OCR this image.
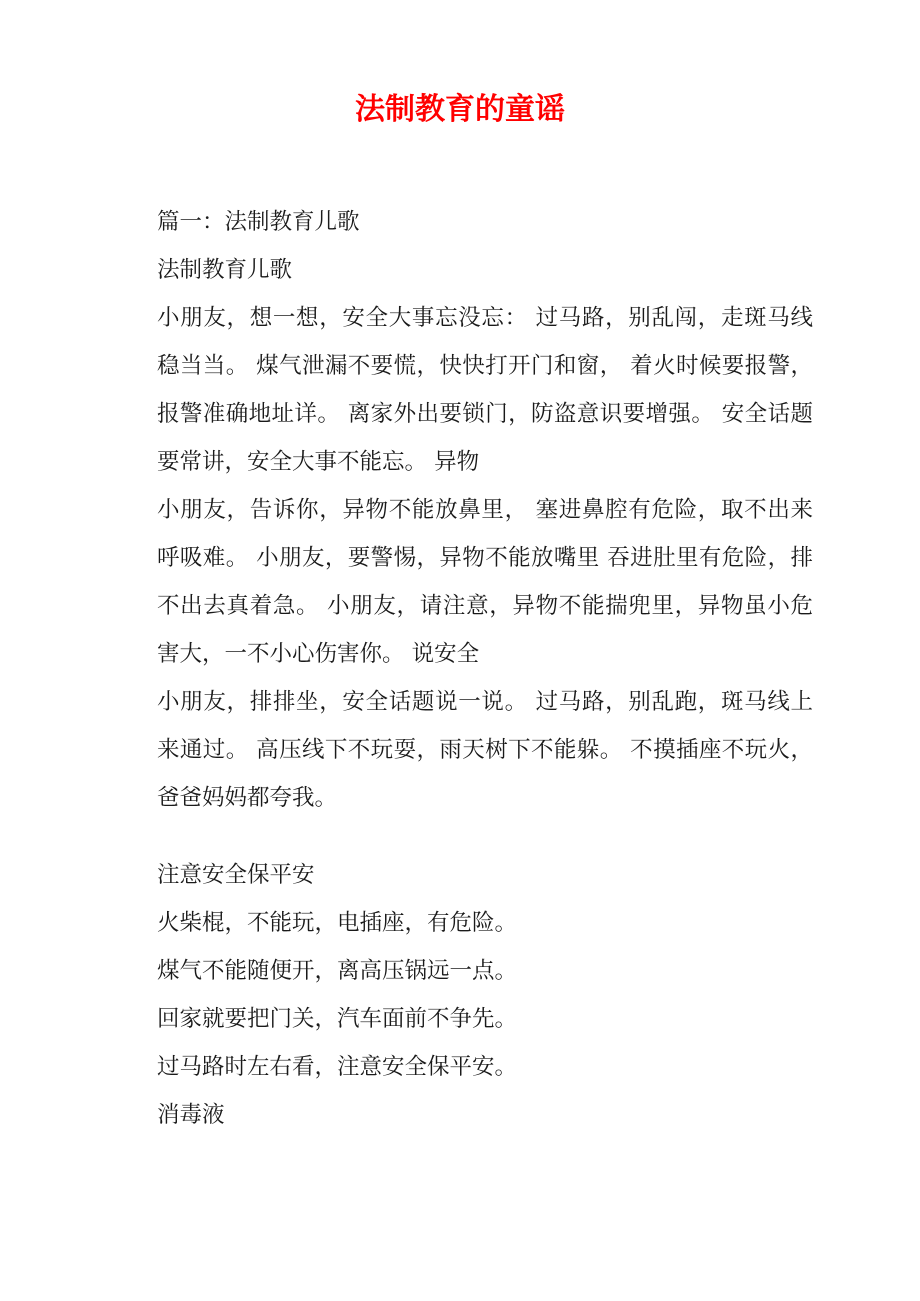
法制教育的童谣

篇一：法制教育儿歌

法制教育儿歌

小朋友，想一想，安全大事忘没忘： 过马路，别乱闯，走斑马线稳当当。 煤气泄漏不要慌，快快打开门和窗， 着火时候要报警，报警准确地址详。 离家外出要锁门，防盗意识要增强。 安全话题要常讲，安全大事不能忘。 异物

小朋友，告诉你，异物不能放鼻里， 塞进鼻腔有危险，取不出来呼吸难。 小朋友，要警惕，异物不能放嘴里 吞进肚里有危险，排不出去真着急。 小朋友，请注意，异物不能揣兜里，异物虽小危害大，一不小心伤害你。 说安全

小朋友，排排坐，安全话题说一说。 过马路，别乱跑，斑马线上来通过。 高压线下不玩耍，雨天树下不能躲。 不摸插座不玩火，爸爸妈妈都夸我。

注意安全保平安

火柴棍，不能玩，电插座，有危险。

煤气不能随便开，离高压锅远一点。

回家就要把门关，汽车面前不争先。

过马路时左右看，注意安全保平安。

消毒液
